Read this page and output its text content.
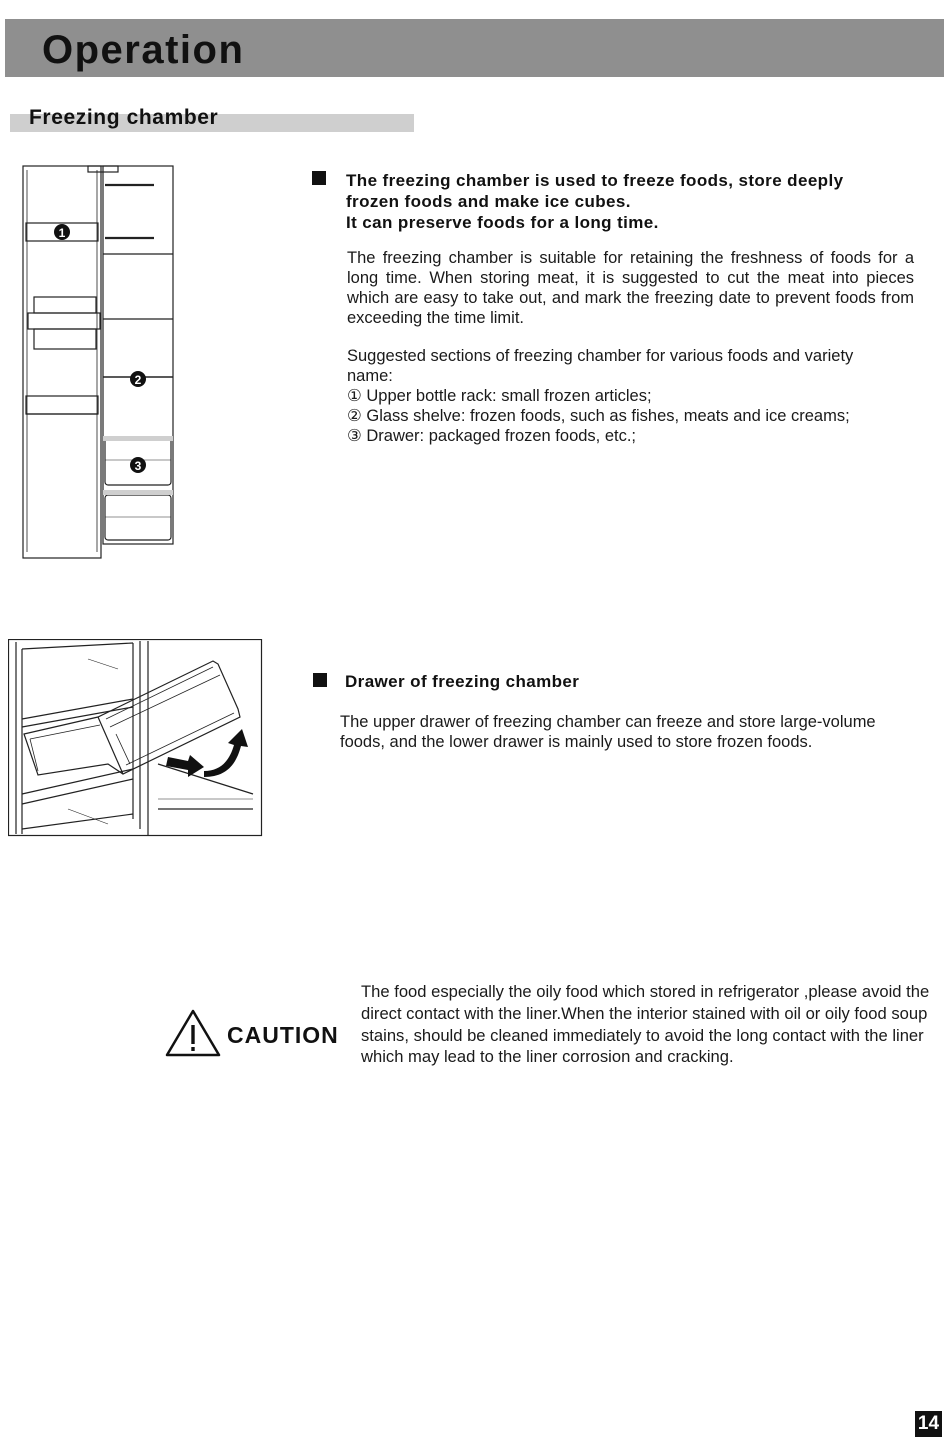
Operation
Freezing chamber
1
2
3
The freezing chamber is used to freeze foods, store deeply
frozen foods and make ice cubes.
It can preserve foods for a long time.
The freezing chamber is suitable for retaining the freshness of foods for a long time. When storing meat, it is suggested to cut the meat into pieces which are easy to take out, and mark the freezing date to prevent foods from exceeding the time limit.
Suggested sections of freezing chamber for various foods and variety
name:
① Upper bottle rack: small frozen articles;
② Glass shelve: frozen foods, such as fishes, meats and ice creams;
③ Drawer: packaged frozen foods, etc.;
Drawer of freezing chamber
The upper drawer of freezing chamber can freeze and store large-volume foods, and the lower drawer is mainly used to store frozen foods.
CAUTION
The food especially the oily food which stored in refrigerator ,please avoid the direct contact with the liner.When the interior stained with oil or oily food soup stains, should be cleaned immediately to avoid the long contact with the liner which may lead to the liner corrosion and cracking.
14
